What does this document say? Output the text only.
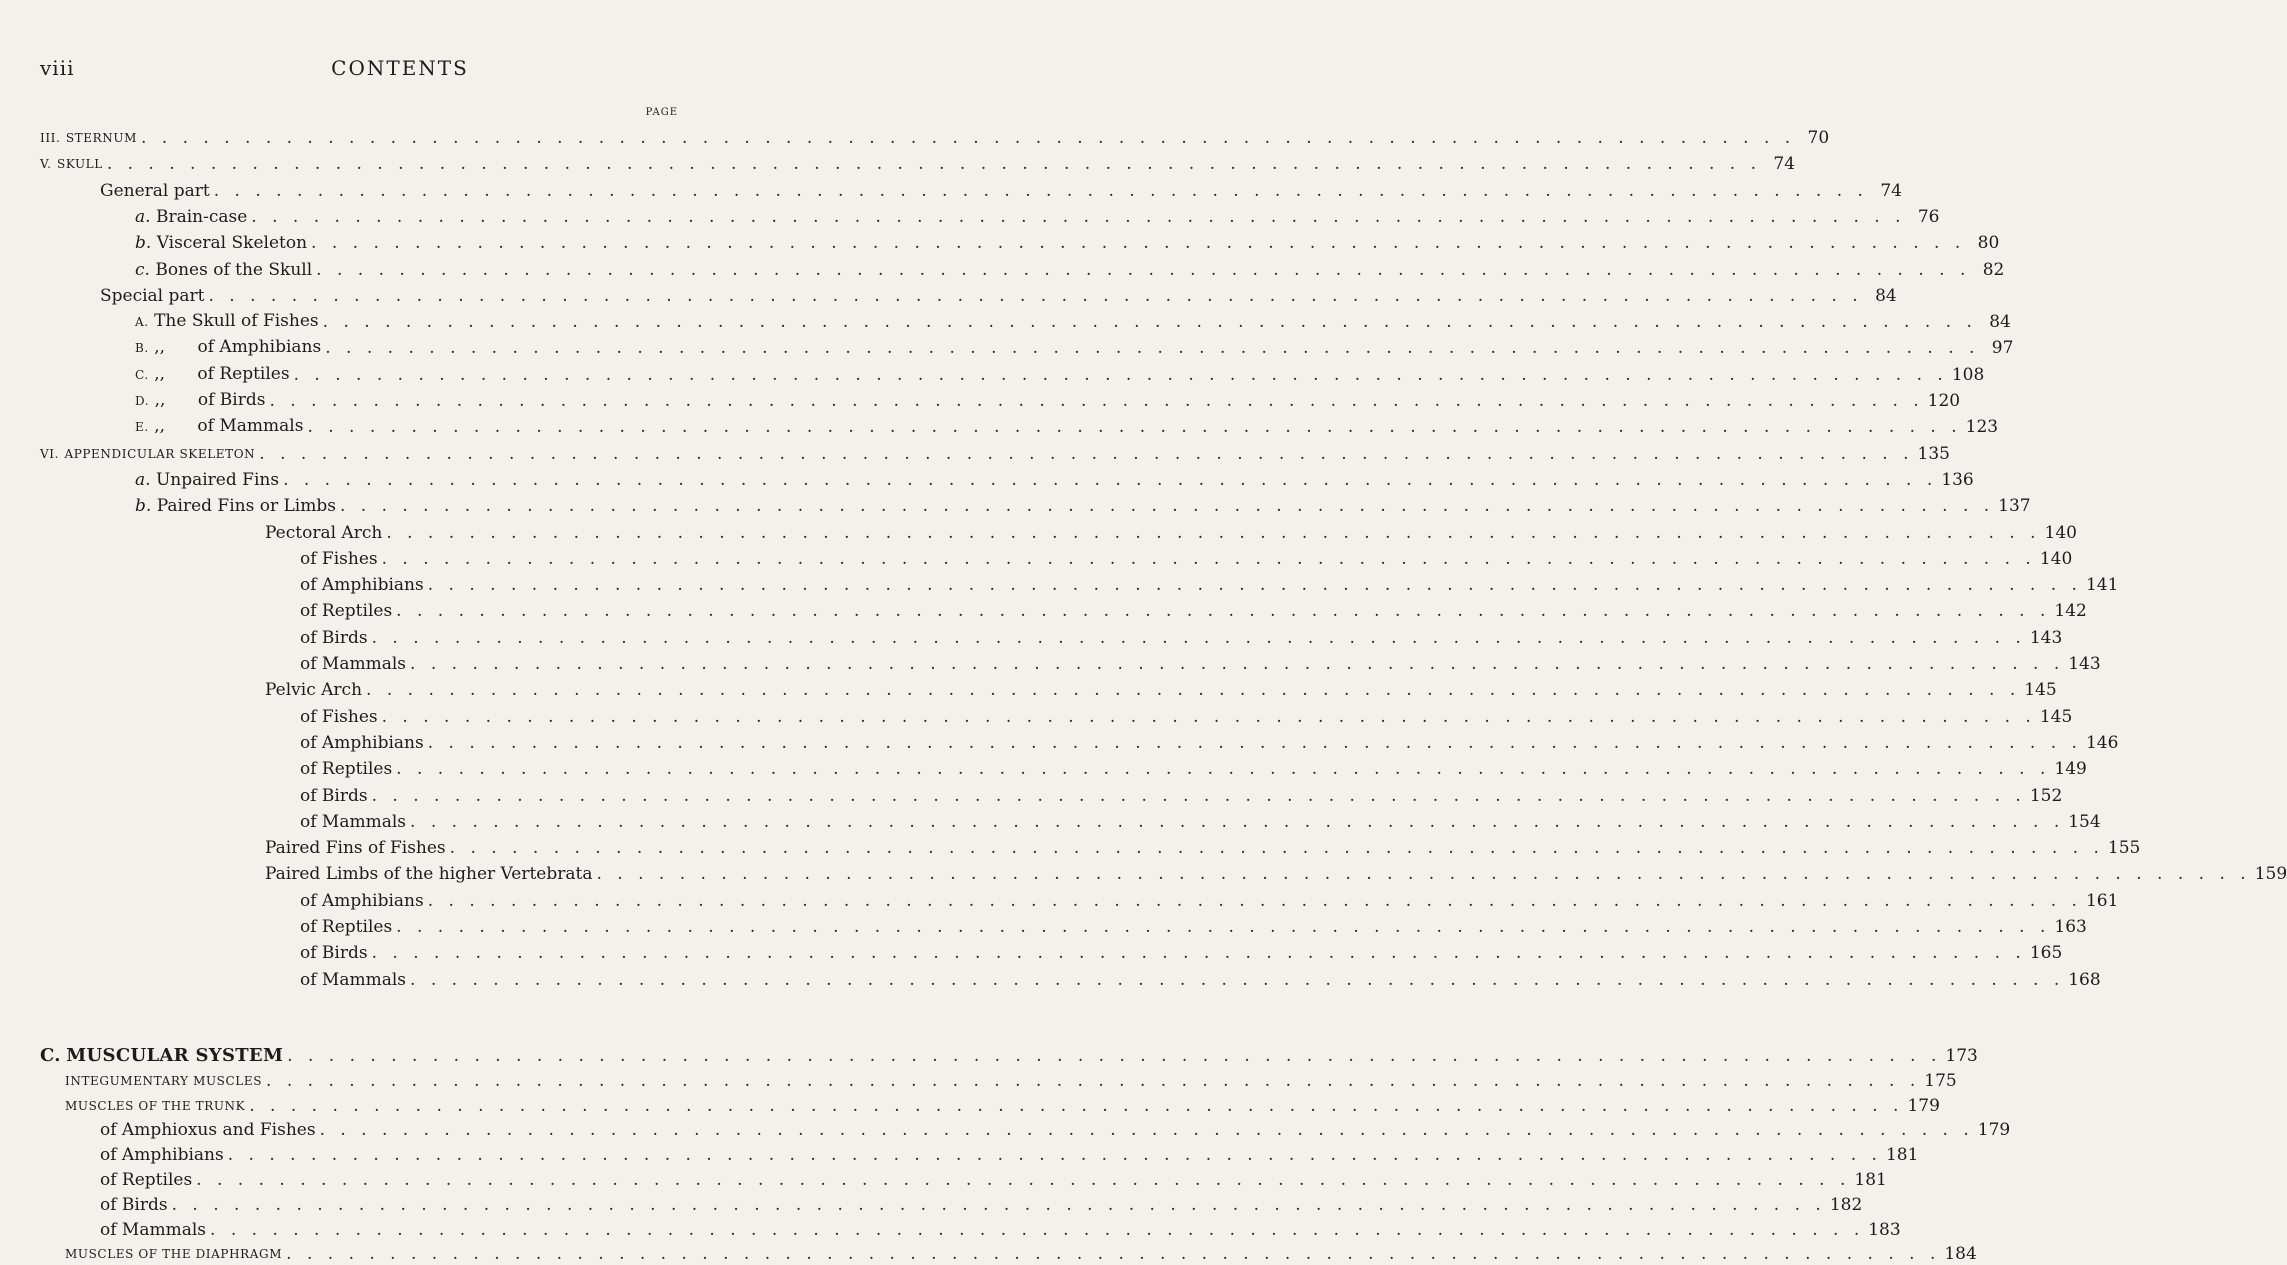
viii	CONTENTS
PAGE
III. STERNUM . . . . . . . . . . . . . . . . . . . . . . . . . . . . . . . . . . . . . . . . . . . . . . . . . . . . . . . . . . . . . . . . . . . . . . . . . . . . . . . . 70
V. SKULL . . . . . . . . . . . . . . . . . . . . . . . . . . . . . . . . . . . . . . . . . . . . . . . . . . . . . . . . . . . . . . . . . . . . . . . . . . . . . . . . 74
General part . . . . . . . . . . . . . . . . . . . . . . . . . . . . . . . . . . . . . . . . . . . . . . . . . . . . . . . . . . . . . . . . . . . . . . . . . . . . . . . . 74
a. Brain-case . . . . . . . . . . . . . . . . . . . . . . . . . . . . . . . . . . . . . . . . . . . . . . . . . . . . . . . . . . . . . . . . . . . . . . . . . . . . . . . . 76
b. Visceral Skeleton . . . . . . . . . . . . . . . . . . . . . . . . . . . . . . . . . . . . . . . . . . . . . . . . . . . . . . . . . . . . . . . . . . . . . . . . . . . . . . . . 80
c. Bones of the Skull . . . . . . . . . . . . . . . . . . . . . . . . . . . . . . . . . . . . . . . . . . . . . . . . . . . . . . . . . . . . . . . . . . . . . . . . . . . . . . . . 82
Special part . . . . . . . . . . . . . . . . . . . . . . . . . . . . . . . . . . . . . . . . . . . . . . . . . . . . . . . . . . . . . . . . . . . . . . . . . . . . . . . . 84
A. The Skull of Fishes . . . . . . . . . . . . . . . . . . . . . . . . . . . . . . . . . . . . . . . . . . . . . . . . . . . . . . . . . . . . . . . . . . . . . . . . . . . . . . . . 84
B. ,,      of Amphibians . . . . . . . . . . . . . . . . . . . . . . . . . . . . . . . . . . . . . . . . . . . . . . . . . . . . . . . . . . . . . . . . . . . . . . . . . . . . . . . . 97
C. ,,      of Reptiles . . . . . . . . . . . . . . . . . . . . . . . . . . . . . . . . . . . . . . . . . . . . . . . . . . . . . . . . . . . . . . . . . . . . . . . . . . . . . . . . 108
D. ,,      of Birds . . . . . . . . . . . . . . . . . . . . . . . . . . . . . . . . . . . . . . . . . . . . . . . . . . . . . . . . . . . . . . . . . . . . . . . . . . . . . . . . 120
E. ,,      of Mammals . . . . . . . . . . . . . . . . . . . . . . . . . . . . . . . . . . . . . . . . . . . . . . . . . . . . . . . . . . . . . . . . . . . . . . . . . . . . . . . . 123
VI. APPENDICULAR SKELETON . . . . . . . . . . . . . . . . . . . . . . . . . . . . . . . . . . . . . . . . . . . . . . . . . . . . . . . . . . . . . . . . . . . . . . . . . . . . . . . . 135
a. Unpaired Fins . . . . . . . . . . . . . . . . . . . . . . . . . . . . . . . . . . . . . . . . . . . . . . . . . . . . . . . . . . . . . . . . . . . . . . . . . . . . . . . . 136
b. Paired Fins or Limbs . . . . . . . . . . . . . . . . . . . . . . . . . . . . . . . . . . . . . . . . . . . . . . . . . . . . . . . . . . . . . . . . . . . . . . . . . . . . . . . . 137
Pectoral Arch . . . . . . . . . . . . . . . . . . . . . . . . . . . . . . . . . . . . . . . . . . . . . . . . . . . . . . . . . . . . . . . . . . . . . . . . . . . . . . . . 140
of Fishes . . . . . . . . . . . . . . . . . . . . . . . . . . . . . . . . . . . . . . . . . . . . . . . . . . . . . . . . . . . . . . . . . . . . . . . . . . . . . . . . 140
of Amphibians . . . . . . . . . . . . . . . . . . . . . . . . . . . . . . . . . . . . . . . . . . . . . . . . . . . . . . . . . . . . . . . . . . . . . . . . . . . . . . . . 141
of Reptiles . . . . . . . . . . . . . . . . . . . . . . . . . . . . . . . . . . . . . . . . . . . . . . . . . . . . . . . . . . . . . . . . . . . . . . . . . . . . . . . . 142
of Birds . . . . . . . . . . . . . . . . . . . . . . . . . . . . . . . . . . . . . . . . . . . . . . . . . . . . . . . . . . . . . . . . . . . . . . . . . . . . . . . . 143
of Mammals . . . . . . . . . . . . . . . . . . . . . . . . . . . . . . . . . . . . . . . . . . . . . . . . . . . . . . . . . . . . . . . . . . . . . . . . . . . . . . . . 143
Pelvic Arch . . . . . . . . . . . . . . . . . . . . . . . . . . . . . . . . . . . . . . . . . . . . . . . . . . . . . . . . . . . . . . . . . . . . . . . . . . . . . . . . 145
of Fishes . . . . . . . . . . . . . . . . . . . . . . . . . . . . . . . . . . . . . . . . . . . . . . . . . . . . . . . . . . . . . . . . . . . . . . . . . . . . . . . . 145
of Amphibians . . . . . . . . . . . . . . . . . . . . . . . . . . . . . . . . . . . . . . . . . . . . . . . . . . . . . . . . . . . . . . . . . . . . . . . . . . . . . . . . 146
of Reptiles . . . . . . . . . . . . . . . . . . . . . . . . . . . . . . . . . . . . . . . . . . . . . . . . . . . . . . . . . . . . . . . . . . . . . . . . . . . . . . . . 149
of Birds . . . . . . . . . . . . . . . . . . . . . . . . . . . . . . . . . . . . . . . . . . . . . . . . . . . . . . . . . . . . . . . . . . . . . . . . . . . . . . . . 152
of Mammals . . . . . . . . . . . . . . . . . . . . . . . . . . . . . . . . . . . . . . . . . . . . . . . . . . . . . . . . . . . . . . . . . . . . . . . . . . . . . . . . 154
Paired Fins of Fishes . . . . . . . . . . . . . . . . . . . . . . . . . . . . . . . . . . . . . . . . . . . . . . . . . . . . . . . . . . . . . . . . . . . . . . . . . . . . . . . . 155
Paired Limbs of the higher Vertebrata . . . . . . . . . . . . . . . . . . . . . . . . . . . . . . . . . . . . . . . . . . . . . . . . . . . . . . . . . . . . . . . . . . . . . . . . . . . . . . . . 159
of Amphibians . . . . . . . . . . . . . . . . . . . . . . . . . . . . . . . . . . . . . . . . . . . . . . . . . . . . . . . . . . . . . . . . . . . . . . . . . . . . . . . . 161
of Reptiles . . . . . . . . . . . . . . . . . . . . . . . . . . . . . . . . . . . . . . . . . . . . . . . . . . . . . . . . . . . . . . . . . . . . . . . . . . . . . . . . 163
of Birds . . . . . . . . . . . . . . . . . . . . . . . . . . . . . . . . . . . . . . . . . . . . . . . . . . . . . . . . . . . . . . . . . . . . . . . . . . . . . . . . 165
of Mammals . . . . . . . . . . . . . . . . . . . . . . . . . . . . . . . . . . . . . . . . . . . . . . . . . . . . . . . . . . . . . . . . . . . . . . . . . . . . . . . . 168
C. MUSCULAR SYSTEM . . . . . . . . . . . . . . . . . . . . . . . . . . . . . . . . . . . . . . . . . . . . . . . . . . . . . . . . . . . . . . . . . . . . . . . . . . . . . . . . 173
INTEGUMENTARY MUSCLES . . . . . . . . . . . . . . . . . . . . . . . . . . . . . . . . . . . . . . . . . . . . . . . . . . . . . . . . . . . . . . . . . . . . . . . . . . . . . . . . 175
MUSCLES OF THE TRUNK . . . . . . . . . . . . . . . . . . . . . . . . . . . . . . . . . . . . . . . . . . . . . . . . . . . . . . . . . . . . . . . . . . . . . . . . . . . . . . . . 179
of Amphioxus and Fishes . . . . . . . . . . . . . . . . . . . . . . . . . . . . . . . . . . . . . . . . . . . . . . . . . . . . . . . . . . . . . . . . . . . . . . . . . . . . . . . . 179
of Amphibians . . . . . . . . . . . . . . . . . . . . . . . . . . . . . . . . . . . . . . . . . . . . . . . . . . . . . . . . . . . . . . . . . . . . . . . . . . . . . . . . 181
of Reptiles . . . . . . . . . . . . . . . . . . . . . . . . . . . . . . . . . . . . . . . . . . . . . . . . . . . . . . . . . . . . . . . . . . . . . . . . . . . . . . . . 181
of Birds . . . . . . . . . . . . . . . . . . . . . . . . . . . . . . . . . . . . . . . . . . . . . . . . . . . . . . . . . . . . . . . . . . . . . . . . . . . . . . . . 182
of Mammals . . . . . . . . . . . . . . . . . . . . . . . . . . . . . . . . . . . . . . . . . . . . . . . . . . . . . . . . . . . . . . . . . . . . . . . . . . . . . . . . 183
MUSCLES OF THE DIAPHRAGM . . . . . . . . . . . . . . . . . . . . . . . . . . . . . . . . . . . . . . . . . . . . . . . . . . . . . . . . . . . . . . . . . . . . . . . . . . . . . . . . 184
